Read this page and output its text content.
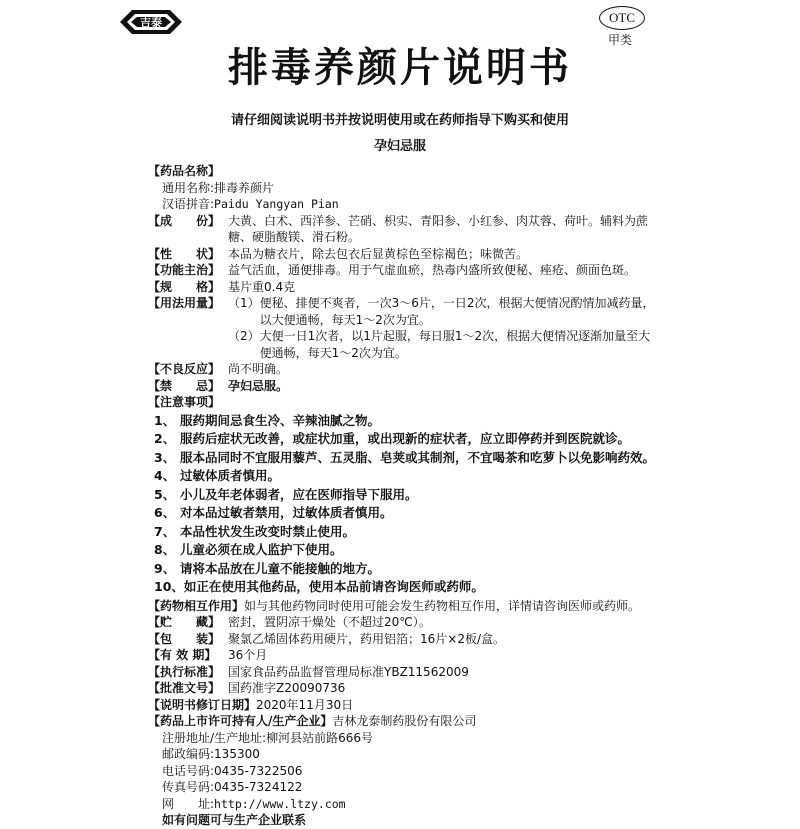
吉泰	OTC
甲类
排毒养颜片说明书
请仔细阅读说明书并按说明使用或在药师指导下购买和使用
孕妇忌服
【药品名称】
通用名称: 排毒养颜片
汉语拼音: Paidu Yangyan Pian
【成　　份】 大黄、白术、西洋参、芒硝、枳实、青阳参、小红参、肉苁蓉、荷叶。辅料为蔗糖、硬脂酸镁、滑石粉。
【性　　状】 本品为糖衣片，除去包衣后显黄棕色至棕褐色；味微苦。
【功能主治】 益气活血，通便排毒。用于气虚血瘀，热毒内盛所致便秘、痤疮、颜面色斑。
【规　　格】 基片重0.4克
【用法用量】 （1） 便秘、排便不爽者，一次3～6片，一日2次，根据大便情况酌情加减药量，以大便通畅，每天1～2次为宜。
（2） 大便一日1次者，以1片起服，每日服1～2次，根据大便情况逐渐加量至大便通畅，每天1～2次为宜。
【不良反应】 尚不明确。
【禁　　忌】 孕妇忌服。
【注意事项】
1、 服药期间忌食生冷、辛辣油腻之物。
2、 服药后症状无改善，或症状加重，或出现新的症状者，应立即停药并到医院就诊。
3、 服本品同时不宜服用藜芦、五灵脂、皂荚或其制剂，不宜喝茶和吃萝卜以免影响药效。
4、 过敏体质者慎用。
5、 小儿及年老体弱者，应在医师指导下服用。
6、 对本品过敏者禁用，过敏体质者慎用。
7、 本品性状发生改变时禁止使用。
8、 儿童必须在成人监护下使用。
9、 请将本品放在儿童不能接触的地方。
10、 如正在使用其他药品，使用本品前请咨询医师或药师。
【药物相互作用】 如与其他药物同时使用可能会发生药物相互作用，详情请咨询医师或药师。
【贮　　藏】 密封，置阴凉干燥处（不超过20℃）。
【包　　装】 聚氯乙烯固体药用硬片，药用铝箔；16片×2板/盒。
【有 效 期】 36个月
【执行标准】 国家食品药品监督管理局标准YBZ11562009
【批准文号】 国药准字Z20090736
【说明书修订日期】 2020年11月30日
【药品上市许可持有人/生产企业】 吉林龙泰制药股份有限公司
注册地址/生产地址: 柳河县站前路666号
邮政编码: 135300
电话号码: 0435-7322506
传真号码: 0435-7324122
网　　址: http://www.ltzy.com
如有问题可与生产企业联系
